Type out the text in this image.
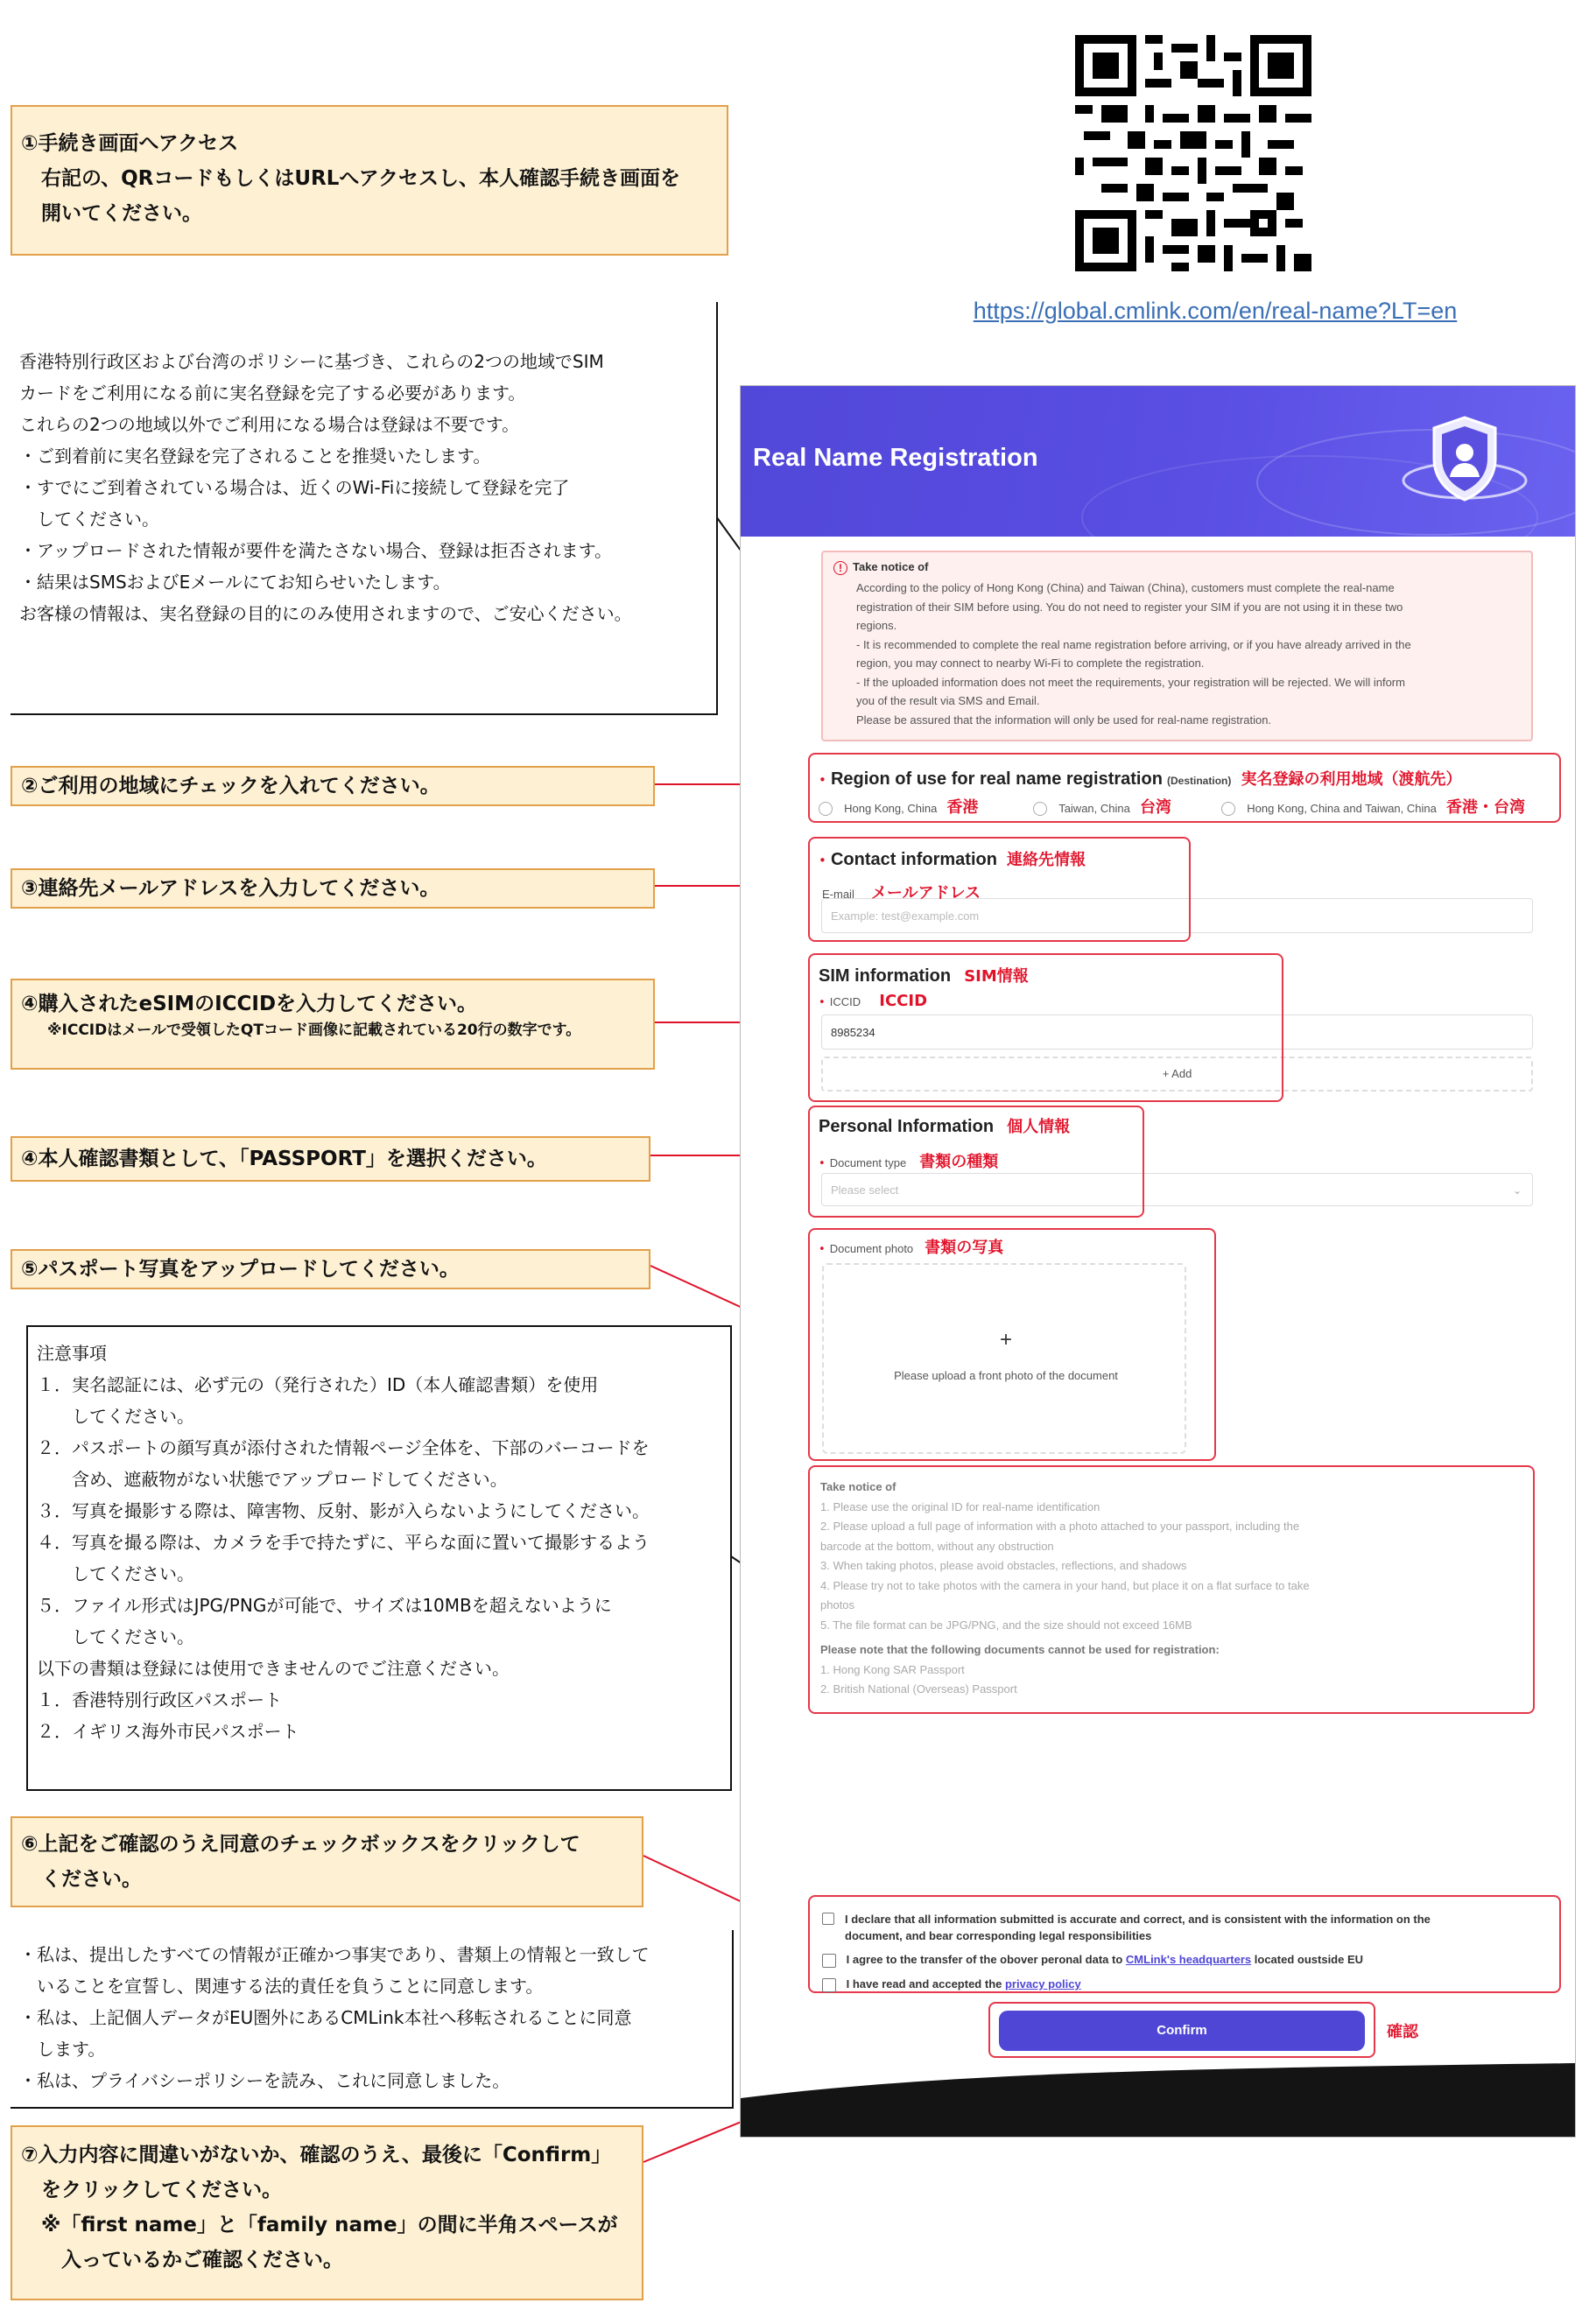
①手続き画面へアクセス
　右記の、QRコードもしくはURLへアクセスし、本人確認手続き画面を
　開いてください。
https://global.cmlink.com/en/real-name?LT=en
香港特別行政区および台湾のポリシーに基づき、これらの2つの地域でSIM
カードをご利用になる前に実名登録を完了する必要があります。
これらの2つの地域以外でご利用になる場合は登録は不要です。
・ご到着前に実名登録を完了されることを推奨いたします。
・すでにご到着されている場合は、近くのWi-Fiに接続して登録を完了
　してください。
・アップロードされた情報が要件を満たさない場合、登録は拒否されます。
・結果はSMSおよびEメールにてお知らせいたします。
お客様の情報は、実名登録の目的にのみ使用されますので、ご安心ください。
②ご利用の地域にチェックを入れてください。
③連絡先メールアドレスを入力してください。
④購入されたeSIMのICCIDを入力してください。
※ICCIDはメールで受領したQTコード画像に記載されている20行の数字です。
④本人確認書類として、「PASSPORT」を選択ください。
⑤パスポート写真をアップロードしてください。
注意事項
１．実名認証には、必ず元の（発行された）ID（本人確認書類）を使用
　　してください。
２．パスポートの顔写真が添付された情報ページ全体を、下部のバーコードを
　　含め、遮蔽物がない状態でアップロードしてください。
３．写真を撮影する際は、障害物、反射、影が入らないようにしてください。
４．写真を撮る際は、カメラを手で持たずに、平らな面に置いて撮影するよう
　　してください。
５．ファイル形式はJPG/PNGが可能で、サイズは10MBを超えないように
　　してください。
以下の書類は登録には使用できませんのでご注意ください。
１．香港特別行政区パスポート
２．イギリス海外市民パスポート
⑥上記をご確認のうえ同意のチェックボックスをクリックして
　ください。
・私は、提出したすべての情報が正確かつ事実であり、書類上の情報と一致して
　いることを宣誓し、関連する法的責任を負うことに同意します。
・私は、上記個人データがEU圏外にあるCMLink本社へ移転されることに同意
　します。
・私は、プライバシーポリシーを読み、これに同意しました。
⑦入力内容に間違いがないか、確認のうえ、最後に「Confirm」
　をクリックしてください。
　※「first name」と「family name」の間に半角スペースが
　　入っているかご確認ください。
Real Name Registration
! Take notice of
According to the policy of Hong Kong (China) and Taiwan (China), customers must complete the real-name
registration of their SIM before using. You do not need to register your SIM if you are not using it in these two
regions.
- It is recommended to complete the real name registration before arriving, or if you have already arrived in the
region, you may connect to nearby Wi-Fi to complete the registration.
- If the uploaded information does not meet the requirements, your registration will be rejected. We will inform
you of the result via SMS and Email.
Please be assured that the information will only be used for real-name registration.
• Region of use for real name registration (Destination) 実名登録の利用地域（渡航先）
Hong Kong, China 香港	Taiwan, China 台湾	Hong Kong, China and Taiwan, China 香港・台湾
Example: test@example.com
• Contact information 連絡先情報
E-mail メールアドレス
8985234
+ Add
SIM information SIM情報
• ICCID ICCID
Please select	⌄
Personal Information 個人情報
• Document type 書類の種類
• Document photo 書類の写真
+
Please upload a front photo of the document
Take notice of
1. Please use the original ID for real-name identification
2. Please upload a full page of information with a photo attached to your passport, including the
barcode at the bottom, without any obstruction
3. When taking photos, please avoid obstacles, reflections, and shadows
4. Please try not to take photos with the camera in your hand, but place it on a flat surface to take
photos
5. The file format can be JPG/PNG, and the size should not exceed 16MB
Please note that the following documents cannot be used for registration:
1. Hong Kong SAR Passport
2. British National (Overseas) Passport
I declare that all information submitted is accurate and correct, and is consistent with the information on the
document, and bear corresponding legal responsibilities
I agree to the transfer of the obover peronal data to CMLink's headquarters located oustside EU
I have read and accepted the privacy policy
Confirm	確認
